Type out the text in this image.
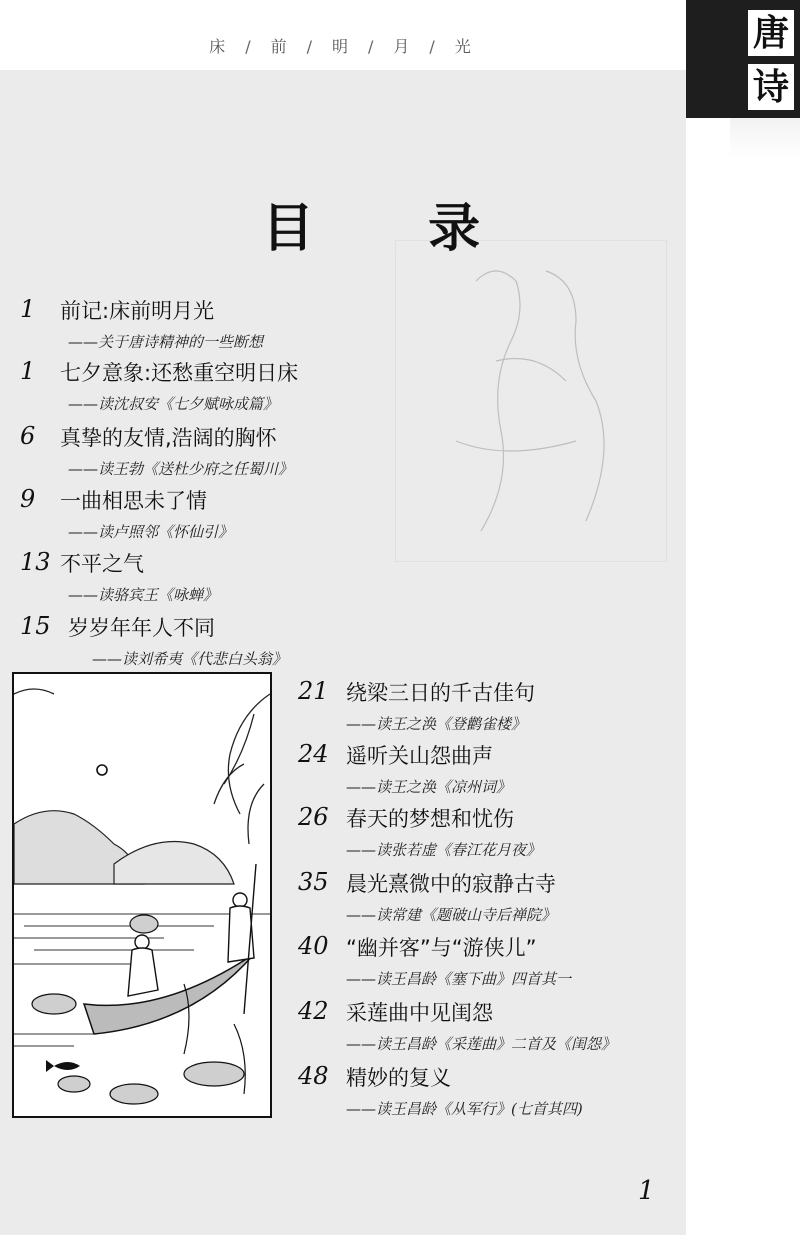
床 / 前 / 明 / 月 / 光
目 录
1	前记:床前明月光
——关于唐诗精神的一些断想
1	七夕意象:还愁重空明日床
——读沈叔安《七夕赋咏成篇》
6	真挚的友情,浩阔的胸怀
——读王勃《送杜少府之任蜀川》
9	一曲相思未了情
——读卢照邻《怀仙引》
13 不平之气
——读骆宾王《咏蝉》
15 岁岁年年人不同
——读刘希夷《代悲白头翁》
21 绕梁三日的千古佳句
——读王之涣《登鹳雀楼》
24 遥听关山怨曲声
——读王之涣《凉州词》
26 春天的梦想和忧伤
——读张若虚《春江花月夜》
35 晨光熹微中的寂静古寺
——读常建《题破山寺后禅院》
40 “幽并客”与“游侠儿”
——读王昌龄《塞下曲》四首其一
42 采莲曲中见闺怨
——读王昌龄《采莲曲》二首及《闺怨》
48 精妙的复义
——读王昌龄《从军行》(七首其四)
1
唐
诗
